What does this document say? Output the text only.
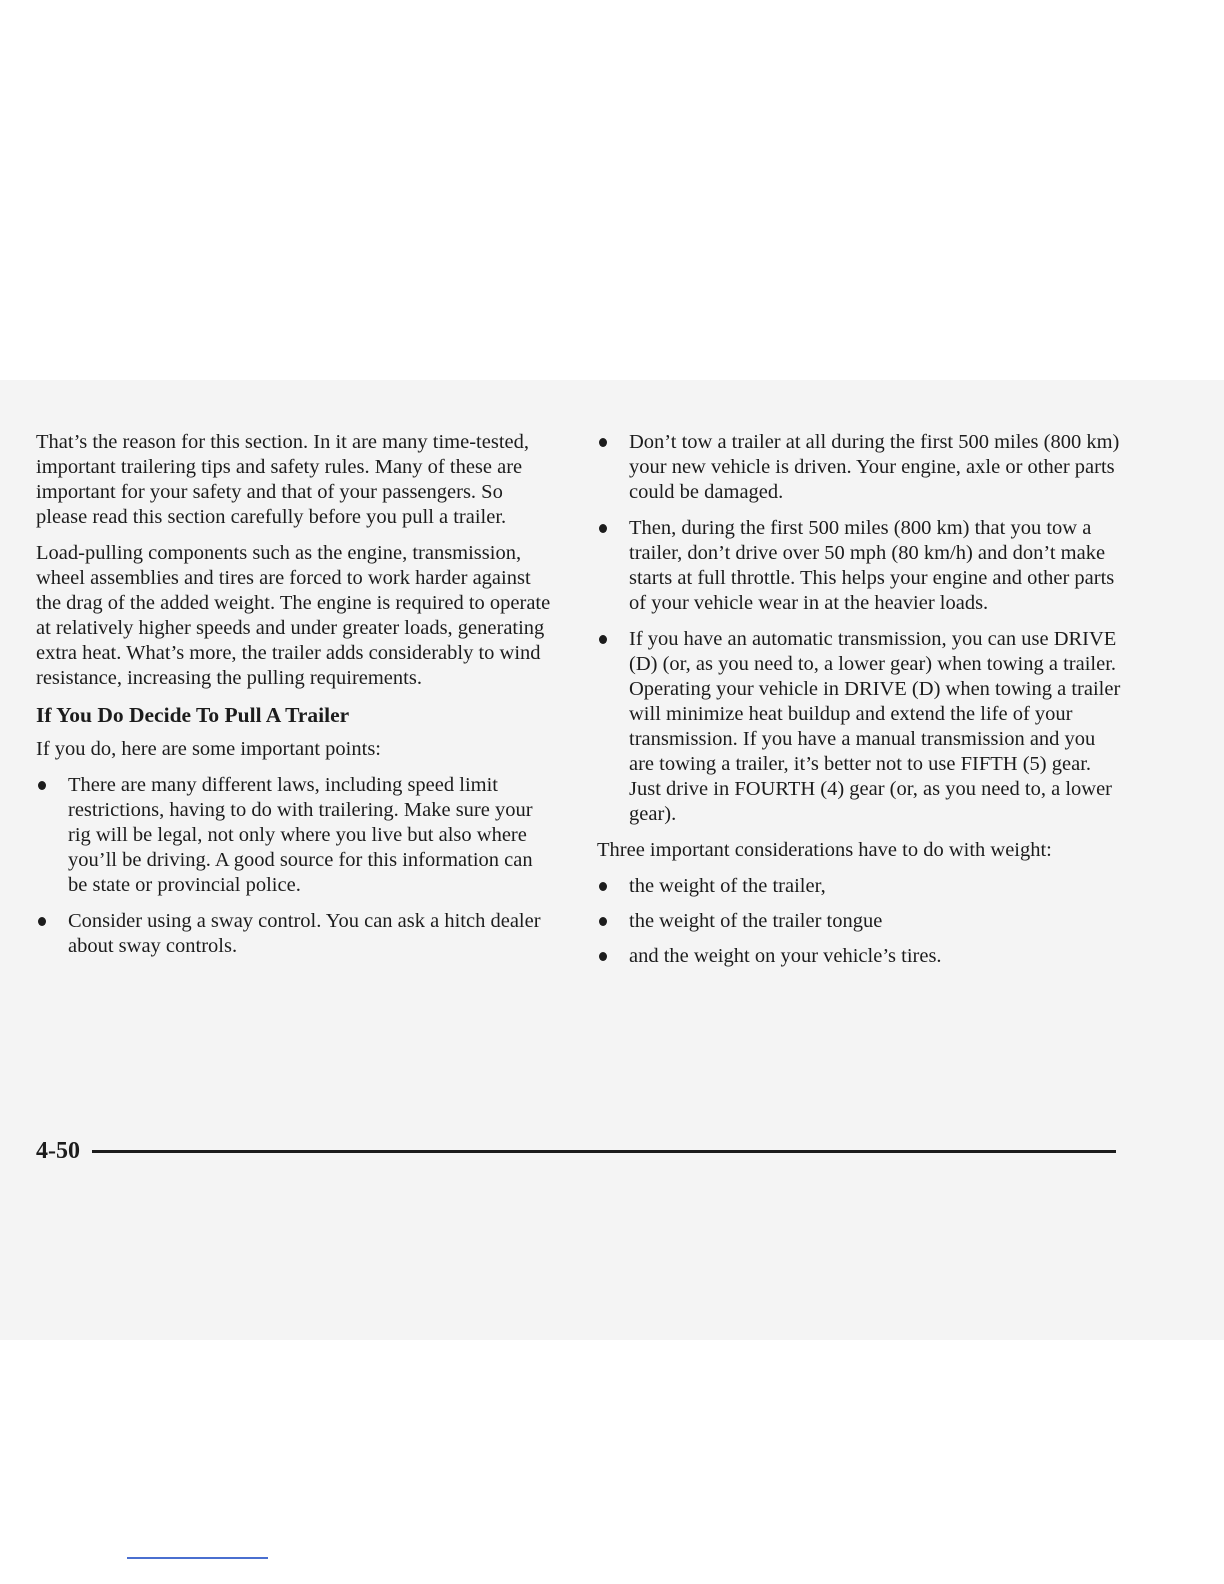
That’s the reason for this section. In it are many time-tested, important trailering tips and safety rules. Many of these are important for your safety and that of your passengers. So please read this section carefully before you pull a trailer.

Load-pulling components such as the engine, transmission, wheel assemblies and tires are forced to work harder against the drag of the added weight. The engine is required to operate at relatively higher speeds and under greater loads, generating extra heat. What’s more, the trailer adds considerably to wind resistance, increasing the pulling requirements.

If You Do Decide To Pull A Trailer

If you do, here are some important points:

There are many different laws, including speed limit restrictions, having to do with trailering. Make sure your rig will be legal, not only where you live but also where you’ll be driving. A good source for this information can be state or provincial police.
Consider using a sway control. You can ask a hitch dealer about sway controls.
Don’t tow a trailer at all during the first 500 miles (800 km) your new vehicle is driven. Your engine, axle or other parts could be damaged.
Then, during the first 500 miles (800 km) that you tow a trailer, don’t drive over 50 mph (80 km/h) and don’t make starts at full throttle. This helps your engine and other parts of your vehicle wear in at the heavier loads.
If you have an automatic transmission, you can use DRIVE (D) (or, as you need to, a lower gear) when towing a trailer. Operating your vehicle in DRIVE (D) when towing a trailer will minimize heat buildup and extend the life of your transmission. If you have a manual transmission and you are towing a trailer, it’s better not to use FIFTH (5) gear. Just drive in FOURTH (4) gear (or, as you need to, a lower gear).

Three important considerations have to do with weight:

the weight of the trailer,
the weight of the trailer tongue
and the weight on your vehicle’s tires.
4-50
